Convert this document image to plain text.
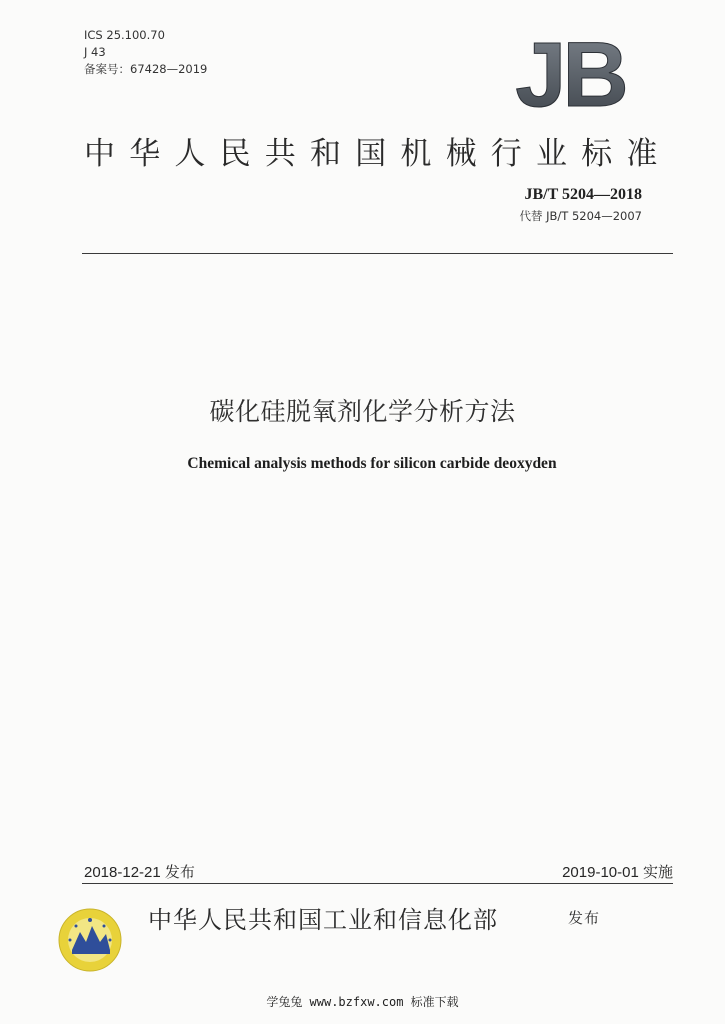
ICS 25.100.70
J 43
备案号：67428—2019	JB
中华人民共和国机械行业标准
JB/T 5204—2018
代替 JB/T 5204—2007
碳化硅脱氧剂化学分析方法
Chemical analysis methods for silicon carbide deoxyden
2018-12-21 发布	2019-10-01 实施
中华人民共和国工业和信息化部	发布
学兔兔 www.bzfxw.com 标准下载
